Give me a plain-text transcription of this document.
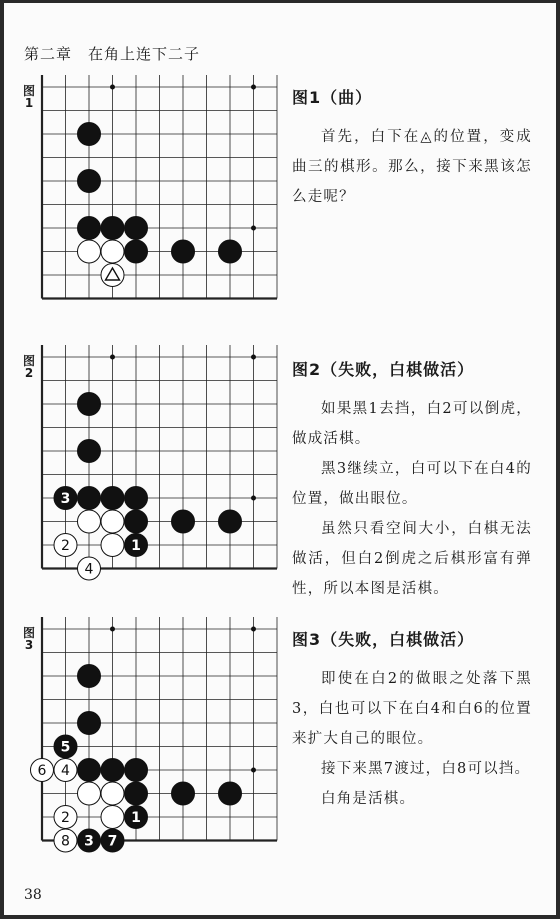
第二章　在角上连下二子
图
1	图1（曲）

首先，白下在◬的位置，变成曲三的棋形。那么，接下来黑该怎么走呢？

图
2
3
2	1
4
图2（失败，白棋做活）

如果黑1去挡，白2可以倒虎，做成活棋。

黑3继续立，白可以下在白4的位置，做出眼位。

虽然只看空间大小，白棋无法做活，但白2倒虎之后棋形富有弹性，所以本图是活棋。

图
3
5
6 4
2	1
8 3 7
图3（失败，白棋做活）

即使在白2的做眼之处落下黑3，白也可以下在白4和白6的位置来扩大自己的眼位。

接下来黑7渡过，白8可以挡。

白角是活棋。

38
